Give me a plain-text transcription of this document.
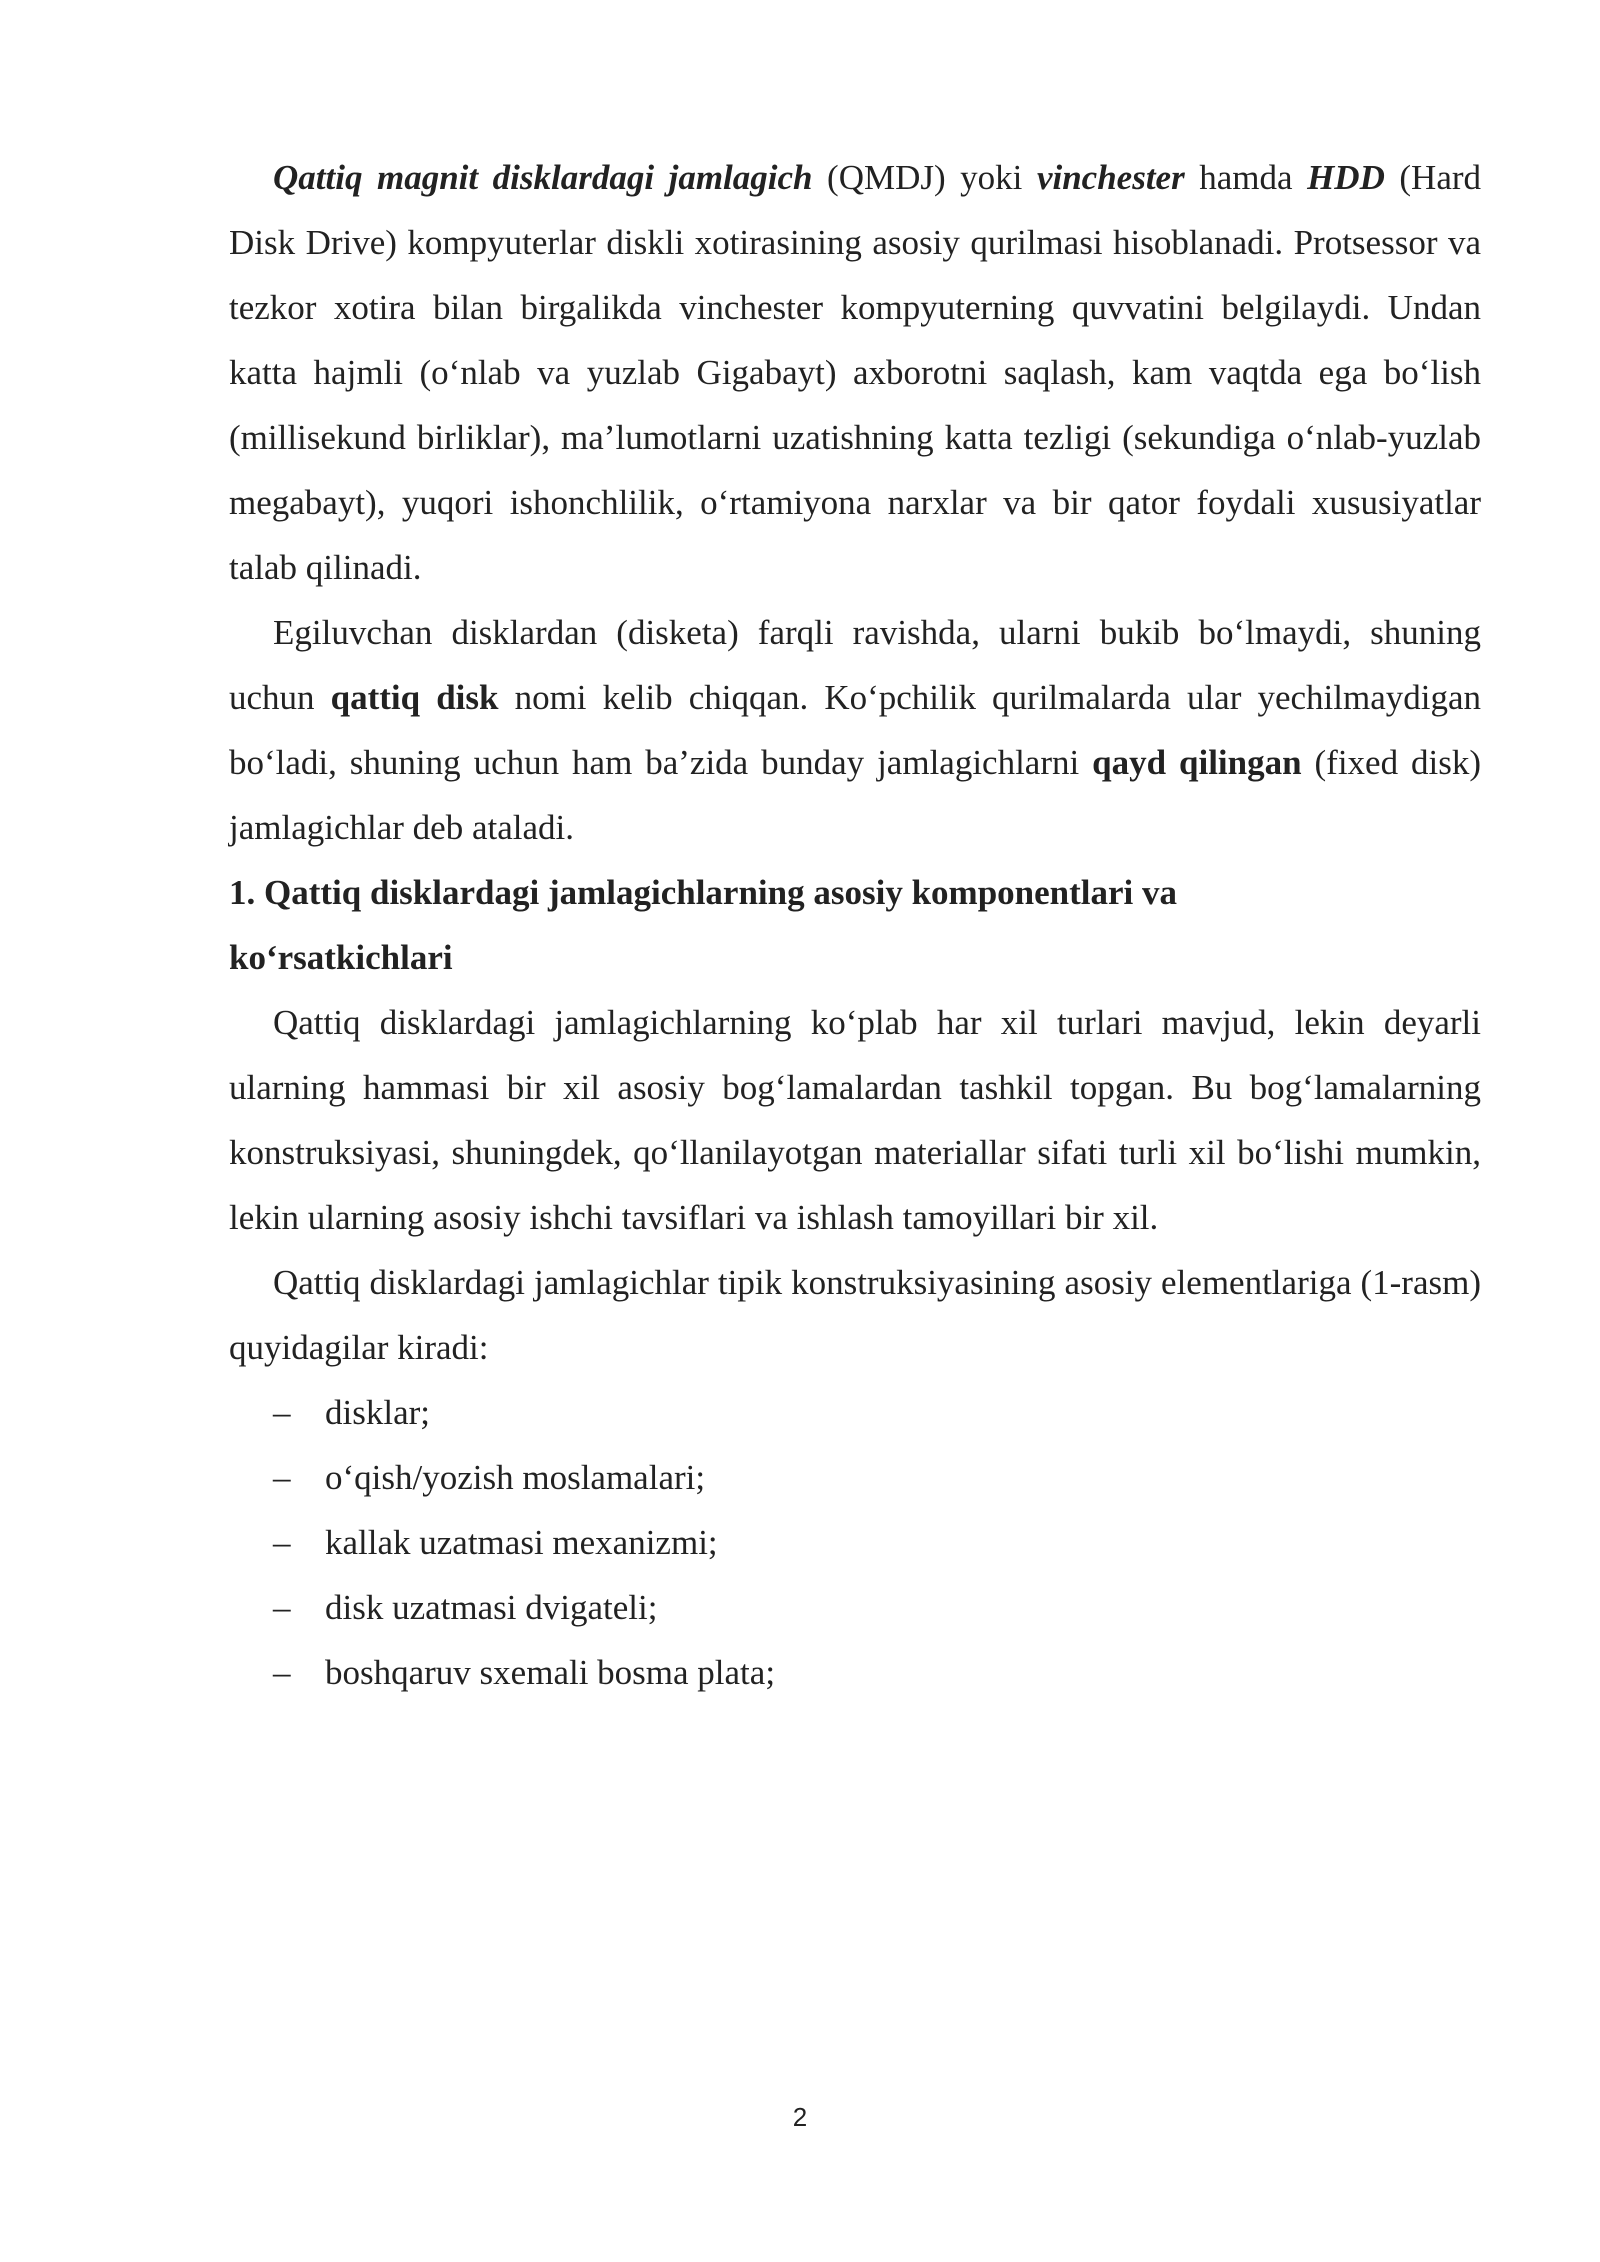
Qattiq magnit disklardagi jamlagich (QMDJ) yoki vinchester hamda HDD (Hard Disk Drive) kompyuterlar diskli xotirasining asosiy qurilmasi hisoblanadi. Protsessor va tezkor xotira bilan birgalikda vinchester kompyuterning quvvatini belgilaydi. Undan katta hajmli (o‘nlab va yuzlab Gigabayt) axborotni saqlash, kam vaqtda ega bo‘lish (millisekund birliklar), ma’lumotlarni uzatishning katta tezligi (sekundiga o‘nlab-yuzlab megabayt), yuqori ishonchlilik, o‘rtamiyona narxlar va bir qator foydali xususiyatlar talab qilinadi.

Egiluvchan disklardan (disketa) farqli ravishda, ularni bukib bo‘lmaydi, shuning uchun qattiq disk nomi kelib chiqqan. Ko‘pchilik qurilmalarda ular yechilmaydigan bo‘ladi, shuning uchun ham ba’zida bunday jamlagichlarni qayd qilingan (fixed disk) jamlagichlar deb ataladi.

1. Qattiq disklardagi jamlagichlarning asosiy komponentlari va
ko‘rsatkichlari

Qattiq disklardagi jamlagichlarning ko‘plab har xil turlari mavjud, lekin deyarli ularning hammasi bir xil asosiy bog‘lamalardan tashkil topgan. Bu bog‘lamalarning konstruksiyasi, shuningdek, qo‘llanilayotgan materiallar sifati turli xil bo‘lishi mumkin, lekin ularning asosiy ishchi tavsiflari va ishlash tamoyillari bir xil.

Qattiq disklardagi jamlagichlar tipik konstruksiyasining asosiy elementlariga (1-rasm) quyidagilar kiradi:

– disklar;
– o‘qish/yozish moslamalari;
– kallak uzatmasi mexanizmi;
– disk uzatmasi dvigateli;
– boshqaruv sxemali bosma plata;
2
